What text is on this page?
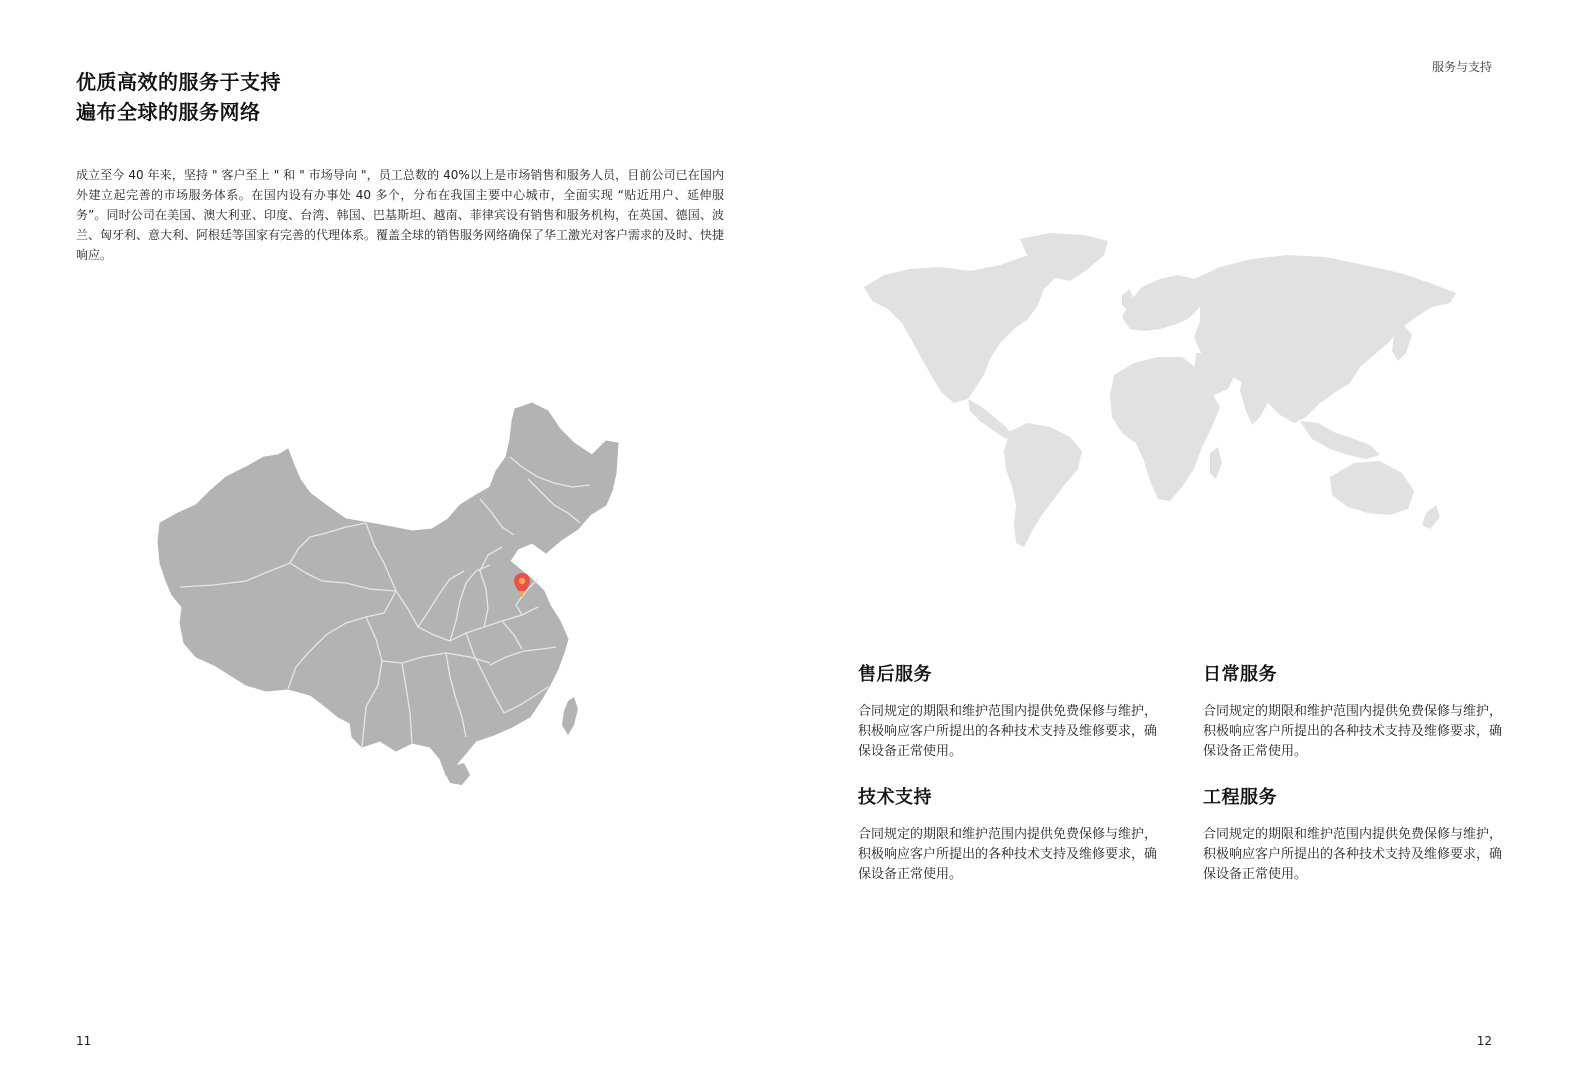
优质高效的服务于支持
遍布全球的服务网络

成立至今 40 年来，坚持 " 客户至上 " 和 " 市场导向 "，员工总数的 40%以上是市场销售和服务人员，目前公司已在国内外建立起完善的市场服务体系。在国内设有办事处 40 多个，分布在我国主要中心城市，全面实现 “贴近用户、延伸服务”。同时公司在美国、澳大利亚、印度、台湾、韩国、巴基斯坦、越南、菲律宾设有销售和服务机构，在英国、德国、波兰、匈牙利、意大利、阿根廷等国家有完善的代理体系。覆盖全球的销售服务网络确保了华工激光对客户需求的及时、快捷响应。

服务与支持
售后服务

合同规定的期限和维护范围内提供免费保修与维护，积极响应客户所提出的各种技术支持及维修要求，确保设备正常使用。

日常服务

合同规定的期限和维护范围内提供免费保修与维护，积极响应客户所提出的各种技术支持及维修要求，确保设备正常使用。

技术支持

合同规定的期限和维护范围内提供免费保修与维护，积极响应客户所提出的各种技术支持及维修要求，确保设备正常使用。

工程服务

合同规定的期限和维护范围内提供免费保修与维护，积极响应客户所提出的各种技术支持及维修要求，确保设备正常使用。

11	12
